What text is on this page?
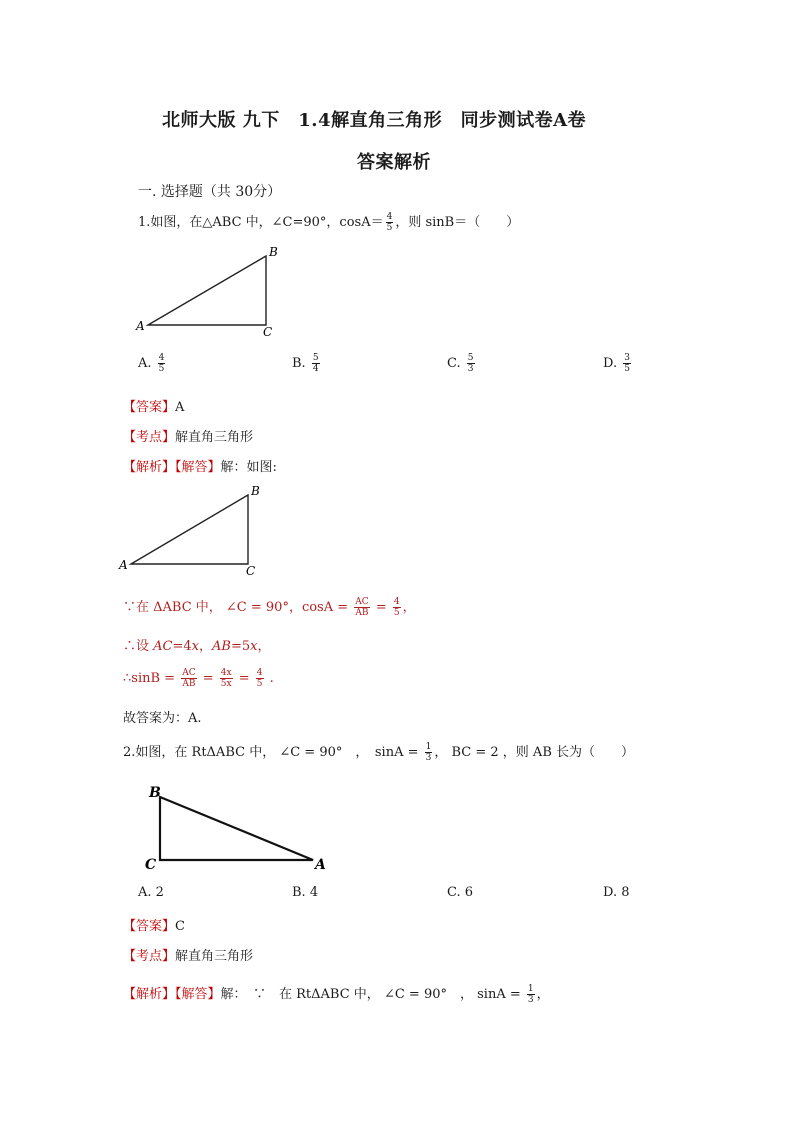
北师大版 九下　1.4解直角三角形　同步测试卷A卷
答案解析
一. 选择题（共 30分）
1.如图，在△ABC 中，∠C=90°，$\cos A= \frac{4}{5}$ ，则 sinB＝（　　）
A
B
C
A. $\frac{4}{5}$	B. $\frac{5}{4}$	C. $\frac{5}{3}$	D. $\frac{3}{5}$
【答案】A
【考点】解直角三角形
【解析】【解答】解：如图:
A
B
C
∵在 ΔABC 中， ∠C = 90°，$\cos A = \frac{AC}{AB} = \frac{4}{5}$ ，
∴设 AC=4x，AB=5x，
∴sinB = $\frac{AC}{AB} = \frac{4x}{5x} = \frac{4}{5}$ .
故答案为：A.
2.如图，在 RtΔABC 中， ∠C = 90°　，　$\sin A = \frac{1}{3}$ ， BC = 2 ，则 AB 长为（　　）
B
C	A
A. 2	B. 4	C. 6	D. 8
【答案】C
【考点】解直角三角形
【解析】【解答】解：　∵　在 RtΔABC 中， ∠C = 90°　， $\sin A = \frac{1}{3}$ ，
